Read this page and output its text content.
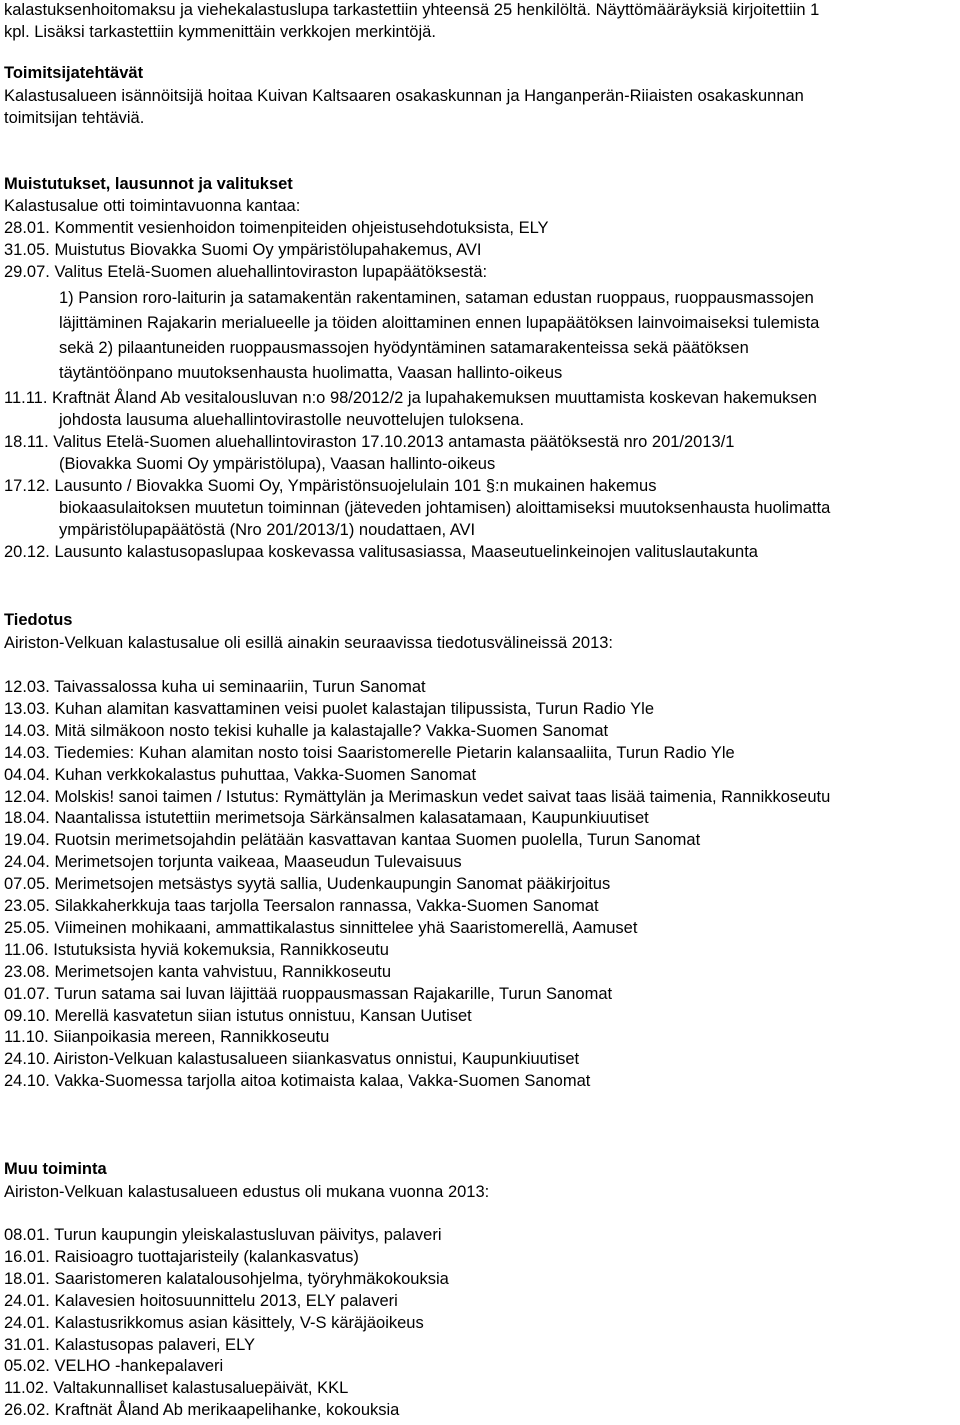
kalastuksenhoitomaksu ja viehekalastuslupa tarkastettiin yhteensä 25 henkilöltä. Näyttömääräyksiä kirjoitettiin 1
kpl. Lisäksi tarkastettiin kymmenittäin verkkojen merkintöjä.
Toimitsijatehtävät
Kalastusalueen isännöitsijä hoitaa Kuivan Kaltsaaren osakaskunnan ja Hanganperän-Riiaisten osakaskunnan
toimitsijan tehtäviä.
Muistutukset, lausunnot ja valitukset
Kalastusalue otti toimintavuonna kantaa:
28.01. Kommentit vesienhoidon toimenpiteiden ohjeistusehdotuksista, ELY
31.05. Muistutus Biovakka Suomi Oy ympäristölupahakemus, AVI
29.07. Valitus Etelä-Suomen aluehallintoviraston lupapäätöksestä:
1) Pansion roro-laiturin ja satamakentän rakentaminen, sataman edustan ruoppaus, ruoppausmassojen
läjittäminen Rajakarin merialueelle ja töiden aloittaminen ennen lupapäätöksen lainvoimaiseksi tulemista
sekä 2) pilaantuneiden ruoppausmassojen hyödyntäminen satamarakenteissa sekä päätöksen
täytäntöönpano muutoksenhausta huolimatta, Vaasan hallinto-oikeus
11.11. Kraftnät Åland Ab vesitalousluvan n:o 98/2012/2 ja lupahakemuksen muuttamista koskevan hakemuksen
johdosta lausuma aluehallintovirastolle neuvottelujen tuloksena.
18.11. Valitus Etelä-Suomen aluehallintoviraston 17.10.2013 antamasta päätöksestä nro 201/2013/1
(Biovakka Suomi Oy ympäristölupa), Vaasan hallinto-oikeus
17.12. Lausunto / Biovakka Suomi Oy, Ympäristönsuojelulain 101 §:n mukainen hakemus
biokaasulaitoksen muutetun toiminnan (jäteveden johtamisen) aloittamiseksi muutoksenhausta huolimatta
ympäristölupapäätöstä (Nro 201/2013/1) noudattaen, AVI
20.12. Lausunto kalastusopaslupaa koskevassa valitusasiassa, Maaseutuelinkeinojen valituslautakunta
Tiedotus
Airiston-Velkuan kalastusalue oli esillä ainakin seuraavissa tiedotusvälineissä 2013:
12.03. Taivassalossa kuha ui seminaariin, Turun Sanomat
13.03. Kuhan alamitan kasvattaminen veisi puolet kalastajan tilipussista, Turun Radio Yle
14.03. Mitä silmäkoon nosto tekisi kuhalle ja kalastajalle? Vakka-Suomen Sanomat
14.03. Tiedemies: Kuhan alamitan nosto toisi Saaristomerelle Pietarin kalansaaliita, Turun Radio Yle
04.04. Kuhan verkkokalastus puhuttaa, Vakka-Suomen Sanomat
12.04. Molskis! sanoi taimen / Istutus: Rymättylän ja Merimaskun vedet saivat taas lisää taimenia, Rannikkoseutu
18.04. Naantalissa istutettiin merimetsoja Särkänsalmen kalasatamaan, Kaupunkiuutiset
19.04. Ruotsin merimetsojahdin pelätään kasvattavan kantaa Suomen puolella, Turun Sanomat
24.04. Merimetsojen torjunta vaikeaa, Maaseudun Tulevaisuus
07.05. Merimetsojen metsästys syytä sallia, Uudenkaupungin Sanomat pääkirjoitus
23.05. Silakkaherkkuja taas tarjolla Teersalon rannassa, Vakka-Suomen Sanomat
25.05. Viimeinen mohikaani, ammattikalastus sinnittelee yhä Saaristomerellä, Aamuset
11.06. Istutuksista hyviä kokemuksia, Rannikkoseutu
23.08. Merimetsojen kanta vahvistuu, Rannikkoseutu
01.07. Turun satama sai luvan läjittää ruoppausmassan Rajakarille, Turun Sanomat
09.10. Merellä kasvatetun siian istutus onnistuu, Kansan Uutiset
11.10. Siianpoikasia mereen, Rannikkoseutu
24.10. Airiston-Velkuan kalastusalueen siiankasvatus onnistui, Kaupunkiuutiset
24.10. Vakka-Suomessa tarjolla aitoa kotimaista kalaa, Vakka-Suomen Sanomat
Muu toiminta
Airiston-Velkuan kalastusalueen edustus oli mukana vuonna 2013:
08.01. Turun kaupungin yleiskalastusluvan päivitys, palaveri
16.01. Raisioagro tuottajaristeily (kalankasvatus)
18.01. Saaristomeren kalatalousohjelma, työryhmäkokouksia
24.01. Kalavesien hoitosuunnittelu 2013, ELY palaveri
24.01. Kalastusrikkomus asian käsittely, V-S käräjäoikeus
31.01. Kalastusopas palaveri, ELY
05.02. VELHO -hankepalaveri
11.02. Valtakunnalliset kalastusaluepäivät, KKL
26.02. Kraftnät Åland Ab merikaapelihanke, kokouksia
